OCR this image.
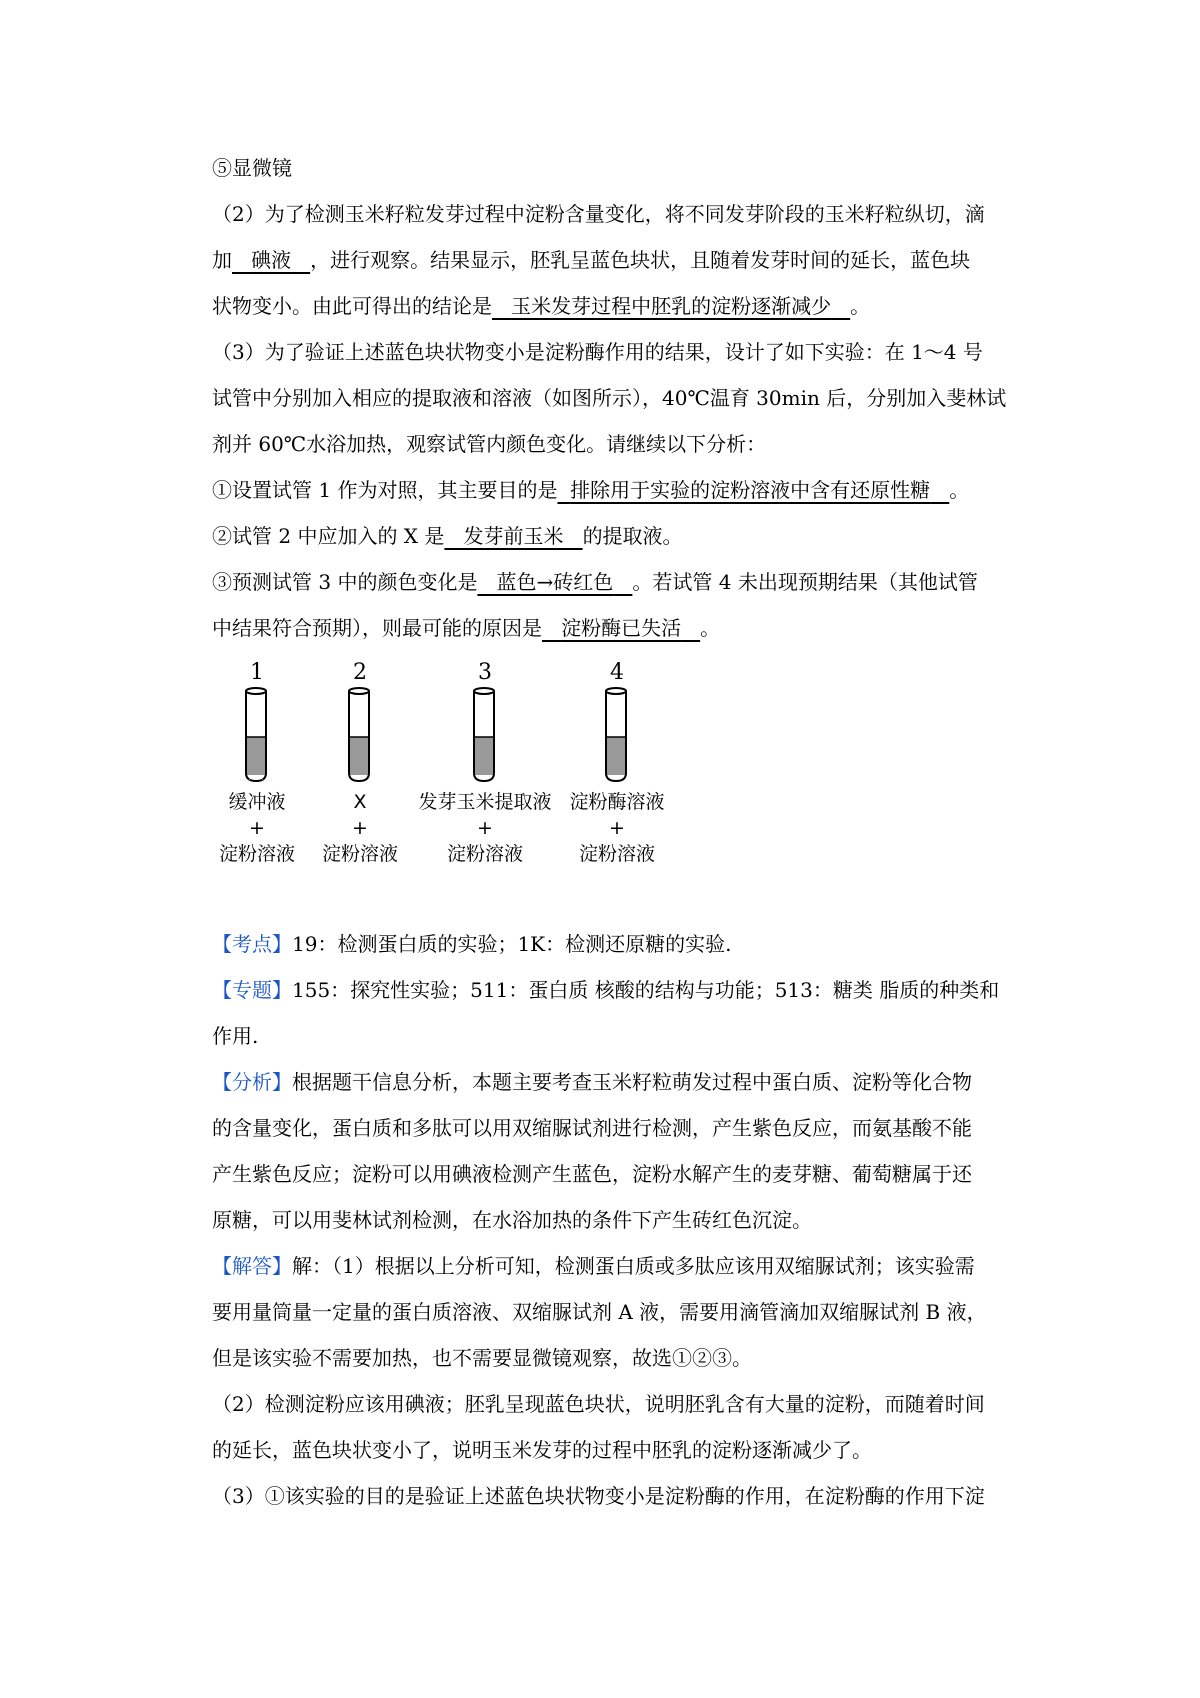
⑤显微镜
（2）为了检测玉米籽粒发芽过程中淀粉含量变化，将不同发芽阶段的玉米籽粒纵切，滴
加 碘液 ，进行观察。结果显示，胚乳呈蓝色块状，且随着发芽时间的延长，蓝色块
状物变小。由此可得出的结论是 玉米发芽过程中胚乳的淀粉逐渐减少 。
（3）为了验证上述蓝色块状物变小是淀粉酶作用的结果，设计了如下实验：在 1～4 号
试管中分别加入相应的提取液和溶液（如图所示），40℃温育 30min 后，分别加入斐林试
剂并 60℃水浴加热，观察试管内颜色变化。请继续以下分析：
①设置试管 1 作为对照，其主要目的是 排除用于实验的淀粉溶液中含有还原性糖 。
②试管 2 中应加入的 X 是 发芽前玉米 的提取液。
③预测试管 3 中的颜色变化是 蓝色→砖红色 。若试管 4 未出现预期结果（其他试管
中结果符合预期），则最可能的原因是 淀粉酶已失活 。
1
· · · · · · · ·
缓冲液
+
淀粉溶液
2
X
+
淀粉溶液
3
发芽玉米提取液
+
淀粉溶液
4
淀粉酶溶液
+
淀粉溶液
【考点】19：检测蛋白质的实验；1K：检测还原糖的实验.
【专题】155：探究性实验；511：蛋白质 核酸的结构与功能；513：糖类 脂质的种类和
作用.
【分析】根据题干信息分析，本题主要考查玉米籽粒萌发过程中蛋白质、淀粉等化合物
的含量变化，蛋白质和多肽可以用双缩脲试剂进行检测，产生紫色反应，而氨基酸不能
产生紫色反应；淀粉可以用碘液检测产生蓝色，淀粉水解产生的麦芽糖、葡萄糖属于还
原糖，可以用斐林试剂检测，在水浴加热的条件下产生砖红色沉淀。
【解答】解：（1）根据以上分析可知，检测蛋白质或多肽应该用双缩脲试剂；该实验需
要用量筒量一定量的蛋白质溶液、双缩脲试剂 A 液，需要用滴管滴加双缩脲试剂 B 液，
但是该实验不需要加热，也不需要显微镜观察，故选①②③。
（2）检测淀粉应该用碘液；胚乳呈现蓝色块状，说明胚乳含有大量的淀粉，而随着时间
的延长，蓝色块状变小了，说明玉米发芽的过程中胚乳的淀粉逐渐减少了。
（3）①该实验的目的是验证上述蓝色块状物变小是淀粉酶的作用，在淀粉酶的作用下淀
